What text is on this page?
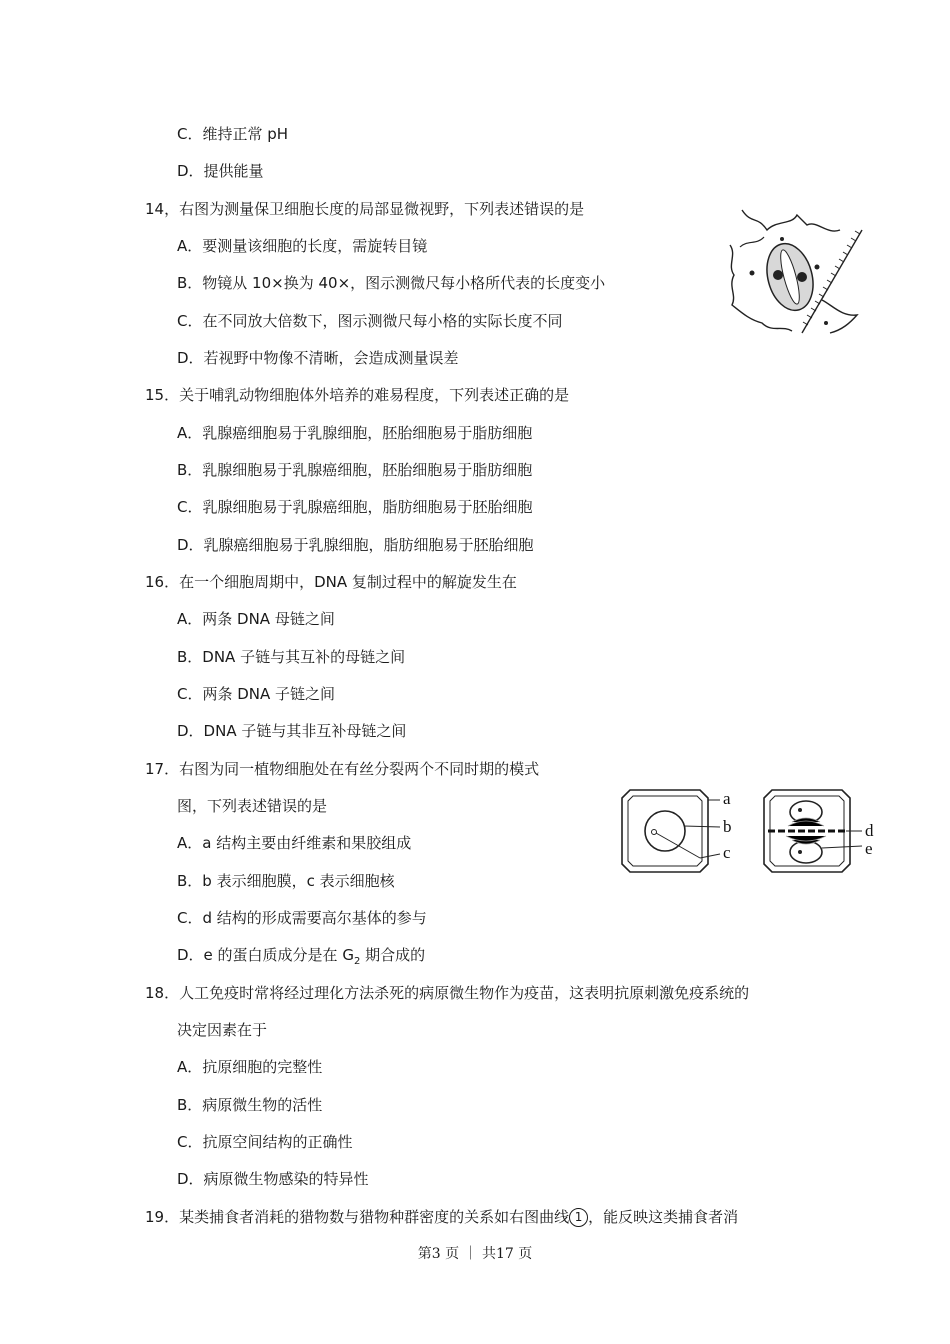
C．维持正常 pH
D．提供能量
14，右图为测量保卫细胞长度的局部显微视野，下列表述错误的是
A．要测量该细胞的长度，需旋转目镜
B．物镜从 10×换为 40×，图示测微尺每小格所代表的长度变小
C．在不同放大倍数下，图示测微尺每小格的实际长度不同
D．若视野中物像不清晰，会造成测量误差
15．关于哺乳动物细胞体外培养的难易程度，下列表述正确的是
A．乳腺癌细胞易于乳腺细胞，胚胎细胞易于脂肪细胞
B．乳腺细胞易于乳腺癌细胞，胚胎细胞易于脂肪细胞
C．乳腺细胞易于乳腺癌细胞，脂肪细胞易于胚胎细胞
D．乳腺癌细胞易于乳腺细胞，脂肪细胞易于胚胎细胞
16．在一个细胞周期中，DNA 复制过程中的解旋发生在
A．两条 DNA 母链之间
B．DNA 子链与其互补的母链之间
C．两条 DNA 子链之间
D．DNA 子链与其非互补母链之间
17．右图为同一植物细胞处在有丝分裂两个不同时期的模式
图，下列表述错误的是
A．a 结构主要由纤维素和果胶组成
B．b 表示细胞膜，c 表示细胞核
C．d 结构的形成需要高尔基体的参与
D．e 的蛋白质成分是在 $G_2$ 期合成的
a
b
c
d
e
18．人工免疫时常将经过理化方法杀死的病原微生物作为疫苗，这表明抗原刺激免疫系统的
决定因素在于
A．抗原细胞的完整性
B．病原微生物的活性
C．抗原空间结构的正确性
D．病原微生物感染的特异性
19．某类捕食者消耗的猎物数与猎物种群密度的关系如右图曲线 1 ，能反映这类捕食者消
第3 页 ｜ 共17 页
